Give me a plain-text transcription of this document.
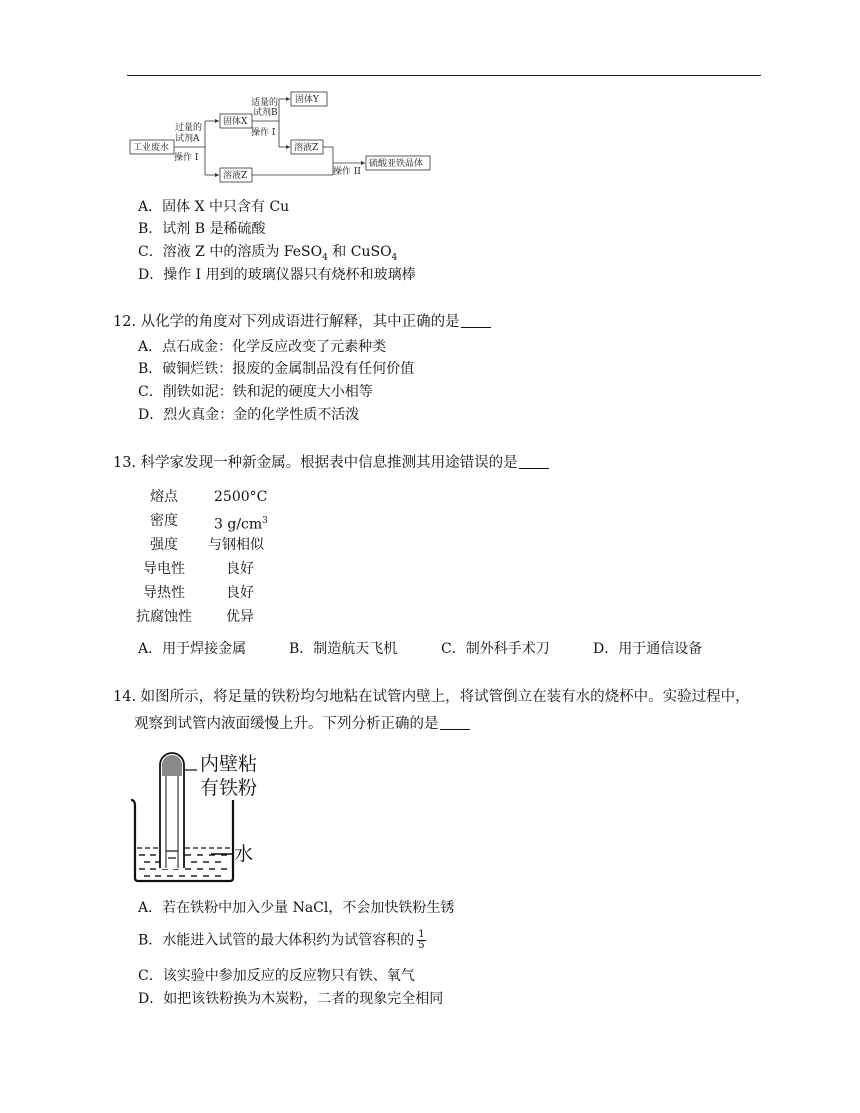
工业废水
过量的
试剂A
操作 I
固体X
适量的
试剂B
操作 I
固体Y
溶液Z
溶液Z	操作 II
硫酸亚铁晶体
A．固体 X 中只含有 Cu
B．试剂 B 是稀硫酸
C．溶液 Z 中的溶质为 FeSO$_4$ 和 CuSO$_4$
D．操作 I 用到的玻璃仪器只有烧杯和玻璃棒
12. 从化学的角度对下列成语进行解释，其中正确的是
A．点石成金：化学反应改变了元素种类
B．破铜烂铁：报废的金属制品没有任何价值
C．削铁如泥：铁和泥的硬度大小相等
D．烈火真金：金的化学性质不活泼
13. 科学家发现一种新金属。根据表中信息推测其用途错误的是
熔点	2500°C
密度	3 $g/cm^3$
强度 与钢相似
导电性	良好
导热性	良好
抗腐蚀性 优异
A．用于焊接金属	B．制造航天飞机	C．制外科手术刀	D．用于通信设备
14. 如图所示，将足量的铁粉均匀地粘在试管内壁上，将试管倒立在装有水的烧杯中。实验过程中，
观察到试管内液面缓慢上升。下列分析正确的是
内壁粘
有铁粉
水
A．若在铁粉中加入少量 NaCl，不会加快铁粉生锈
B．水能进入试管的最大体积约为试管容积的 $\frac{1}{5}$
C．该实验中参加反应的反应物只有铁、氧气
D．如把该铁粉换为木炭粉，二者的现象完全相同
